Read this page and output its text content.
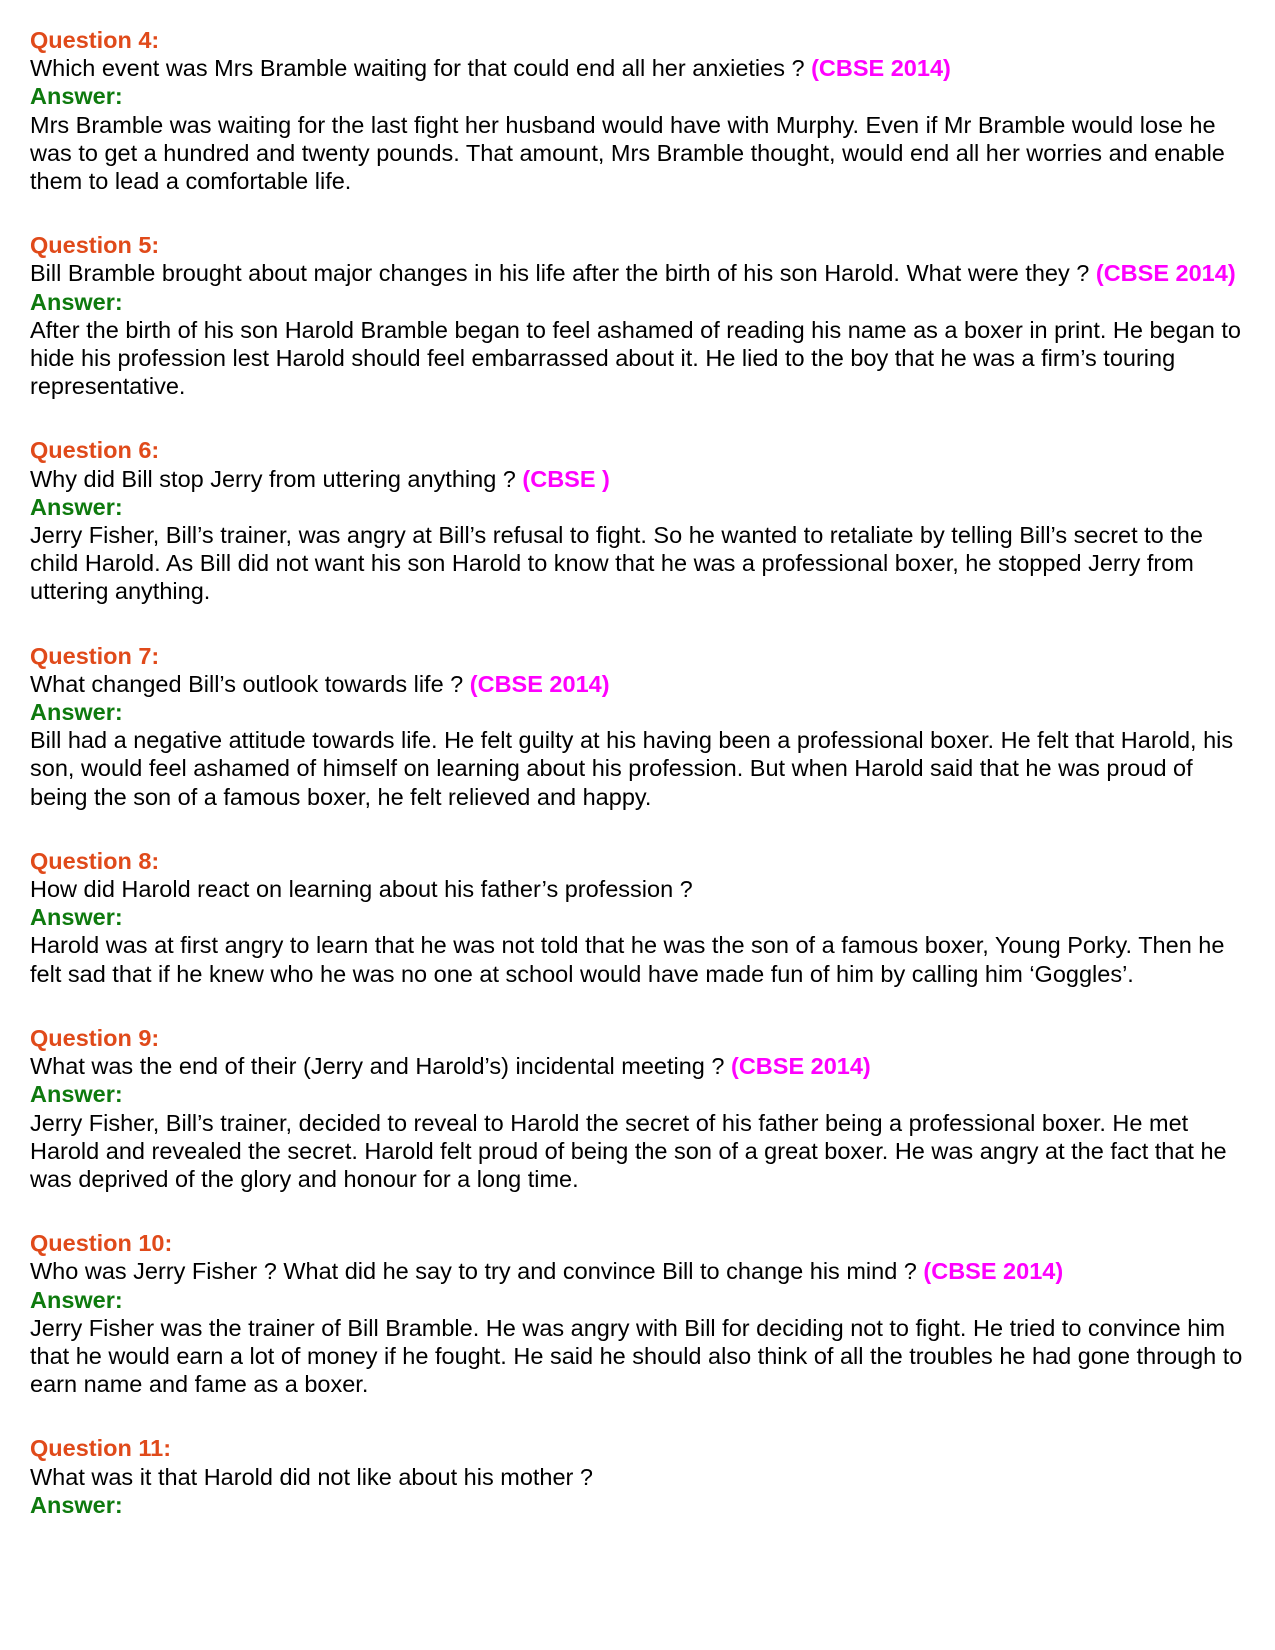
Question 4:
Which event was Mrs Bramble waiting for that could end all her anxieties ? (CBSE 2014)
Answer:
Mrs Bramble was waiting for the last fight her husband would have with Murphy. Even if Mr Bramble would lose he was to get a hundred and twenty pounds. That amount, Mrs Bramble thought, would end all her worries and enable them to lead a comfortable life.
Question 5:
Bill Bramble brought about major changes in his life after the birth of his son Harold. What were they ? (CBSE 2014)
Answer:
After the birth of his son Harold Bramble began to feel ashamed of reading his name as a boxer in print. He began to hide his profession lest Harold should feel embarrassed about it. He lied to the boy that he was a firm’s touring representative.
Question 6:
Why did Bill stop Jerry from uttering anything ? (CBSE )
Answer:
Jerry Fisher, Bill’s trainer, was angry at Bill’s refusal to fight. So he wanted to retaliate by telling Bill’s secret to the child Harold. As Bill did not want his son Harold to know that he was a professional boxer, he stopped Jerry from uttering anything.
Question 7:
What changed Bill’s outlook towards life ? (CBSE 2014)
Answer:
Bill had a negative attitude towards life. He felt guilty at his having been a professional boxer. He felt that Harold, his son, would feel ashamed of himself on learning about his profession. But when Harold said that he was proud of being the son of a famous boxer, he felt relieved and happy.
Question 8:
How did Harold react on learning about his father’s profession ?
Answer:
Harold was at first angry to learn that he was not told that he was the son of a famous boxer, Young Porky. Then he felt sad that if he knew who he was no one at school would have made fun of him by calling him ‘Goggles’.
Question 9:
What was the end of their (Jerry and Harold’s) incidental meeting ? (CBSE 2014)
Answer:
Jerry Fisher, Bill’s trainer, decided to reveal to Harold the secret of his father being a professional boxer. He met Harold and revealed the secret. Harold felt proud of being the son of a great boxer. He was angry at the fact that he was deprived of the glory and honour for a long time.
Question 10:
Who was Jerry Fisher ? What did he say to try and convince Bill to change his mind ? (CBSE 2014)
Answer:
Jerry Fisher was the trainer of Bill Bramble. He was angry with Bill for deciding not to fight. He tried to convince him that he would earn a lot of money if he fought. He said he should also think of all the troubles he had gone through to earn name and fame as a boxer.
Question 11:
What was it that Harold did not like about his mother ?
Answer:
